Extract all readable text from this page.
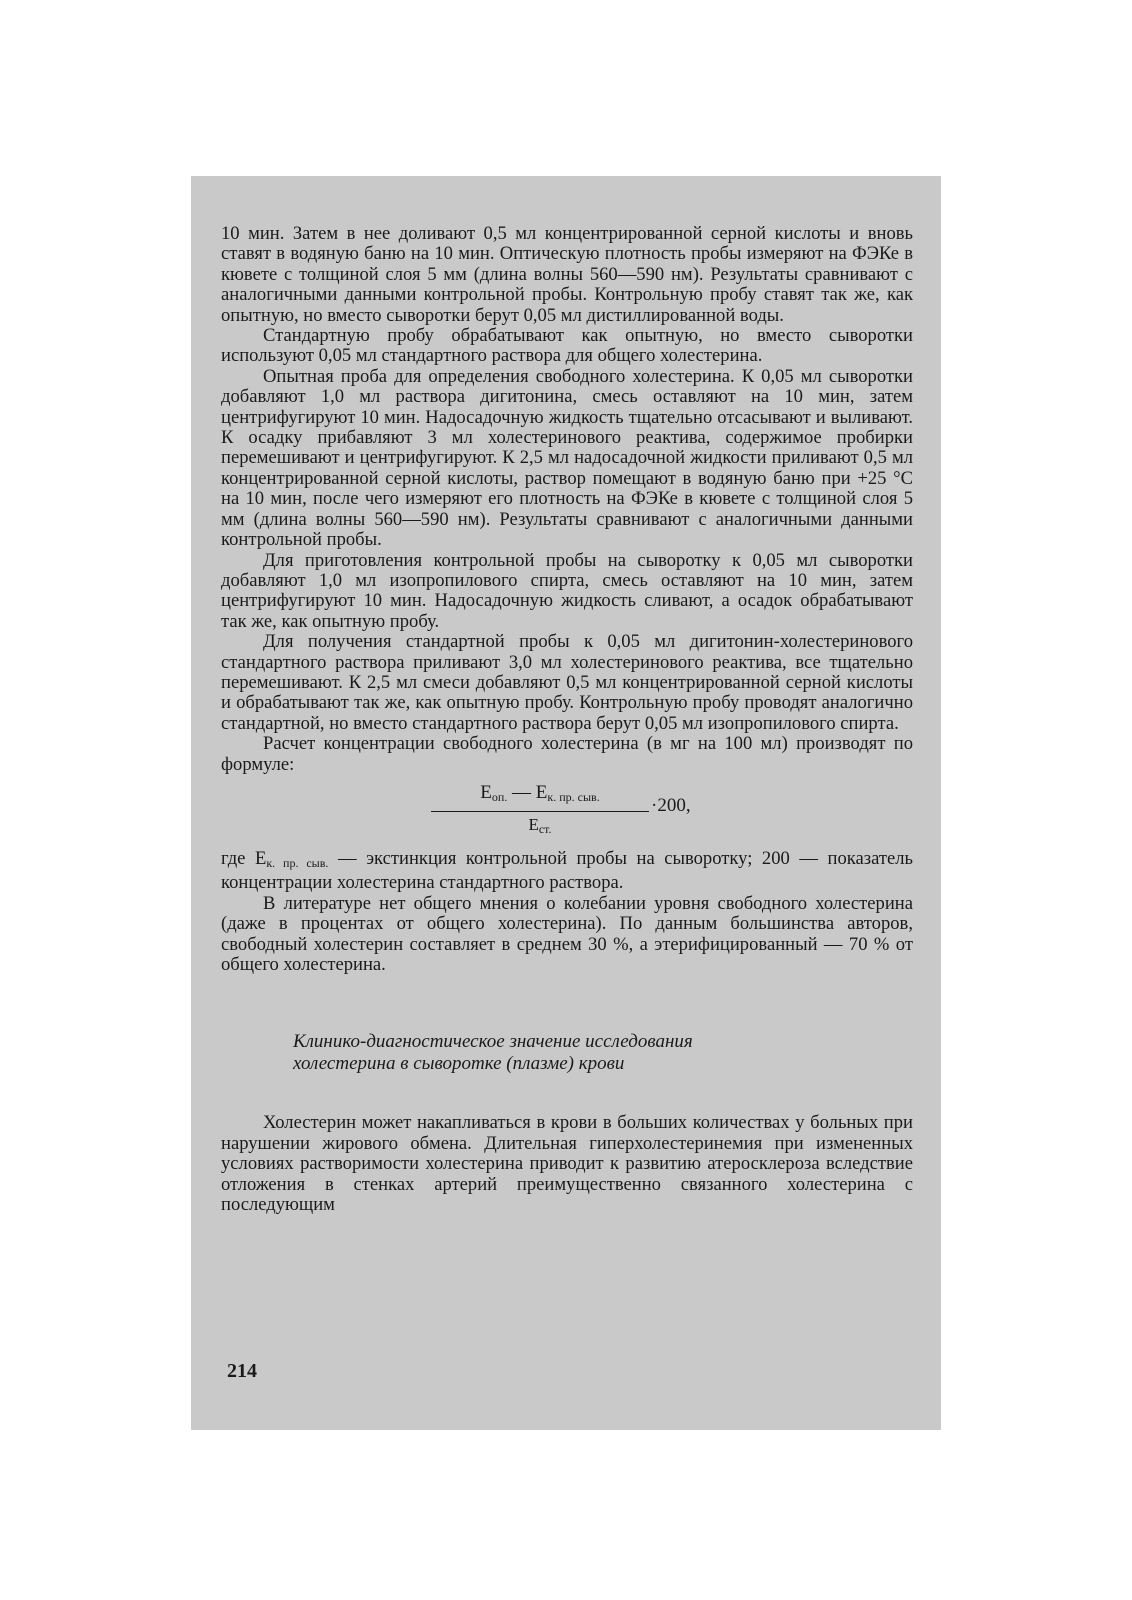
10 мин. Затем в нее доливают 0,5 мл концентрированной серной кислоты и вновь ставят в водяную баню на 10 мин. Оптическую плотность пробы измеряют на ФЭКе в кювете с толщиной слоя 5 мм (длина волны 560—590 нм). Результаты сравнивают с аналогичными данными контрольной пробы. Контрольную пробу ставят так же, как опытную, но вместо сыворотки берут 0,05 мл дистиллированной воды.

Стандартную пробу обрабатывают как опытную, но вместо сыворотки используют 0,05 мл стандартного раствора для общего холестерина.

Опытная проба для определения свободного холестерина. К 0,05 мл сыворотки добавляют 1,0 мл раствора дигитонина, смесь оставляют на 10 мин, затем центрифугируют 10 мин. Надосадочную жидкость тщательно отсасывают и выливают. К осадку прибавляют 3 мл холестеринового реактива, содержимое пробирки перемешивают и центрифугируют. К 2,5 мл надосадочной жидкости приливают 0,5 мл концентрированной серной кислоты, раствор помещают в водяную баню при +25 °С на 10 мин, после чего измеряют его плотность на ФЭКе в кювете с толщиной слоя 5 мм (длина волны 560—590 нм). Результаты сравнивают с аналогичными данными контрольной пробы.

Для приготовления контрольной пробы на сыворотку к 0,05 мл сыворотки добавляют 1,0 мл изопропилового спирта, смесь оставляют на 10 мин, затем центрифугируют 10 мин. Надосадочную жидкость сливают, а осадок обрабатывают так же, как опытную пробу.

Для получения стандартной пробы к 0,05 мл дигитонин-холестеринового стандартного раствора приливают 3,0 мл холестеринового реактива, все тщательно перемешивают. К 2,5 мл смеси добавляют 0,5 мл концентрированной серной кислоты и обрабатывают так же, как опытную пробу. Контрольную пробу проводят аналогично стандартной, но вместо стандартного раствора берут 0,05 мл изопропилового спирта.

Расчет концентрации свободного холестерина (в мг на 100 мл) производят по формуле:

$Е_{оп.}$ — $Е_{к. пр. сыв.}$
$Е_{ст.}$
·200,

где $Е_{к. пр. сыв.}$ — экстинкция контрольной пробы на сыворотку; 200 — показатель концентрации холестерина стандартного раствора.

В литературе нет общего мнения о колебании уровня свободного холестерина (даже в процентах от общего холестерина). По данным большинства авторов, свободный холестерин составляет в среднем 30 %, а этерифицированный — 70 % от общего холестерина.

Клинико-диагностическое значение исследования
холестерина в сыворотке (плазме) крови

Холестерин может накапливаться в крови в больших количествах у больных при нарушении жирового обмена. Длительная гиперхолестеринемия при измененных условиях растворимости холестерина приводит к развитию атеросклероза вследствие отложения в стенках артерий преимущественно связанного холестерина с последующим

214
